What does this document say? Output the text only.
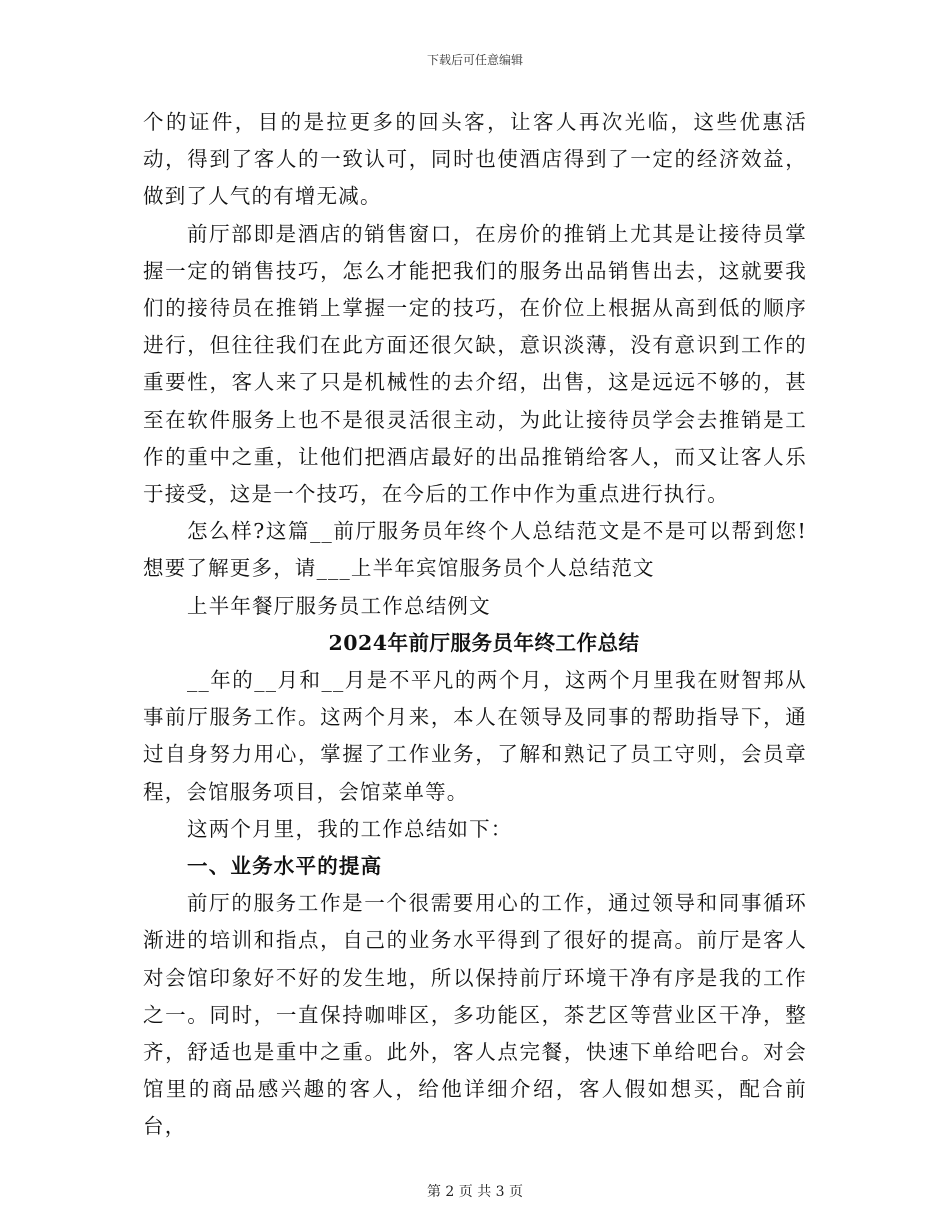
下载后可任意编辑

个的证件，目的是拉更多的回头客，让客人再次光临，这些优惠活动，得到了客人的一致认可，同时也使酒店得到了一定的经济效益，做到了人气的有增无减。

前厅部即是酒店的销售窗口，在房价的推销上尤其是让接待员掌握一定的销售技巧，怎么才能把我们的服务出品销售出去，这就要我们的接待员在推销上掌握一定的技巧，在价位上根据从高到低的顺序进行，但往往我们在此方面还很欠缺，意识淡薄，没有意识到工作的重要性，客人来了只是机械性的去介绍，出售，这是远远不够的，甚至在软件服务上也不是很灵活很主动，为此让接待员学会去推销是工作的重中之重，让他们把酒店最好的出品推销给客人，而又让客人乐于接受，这是一个技巧，在今后的工作中作为重点进行执行。

怎么样?这篇__前厅服务员年终个人总结范文是不是可以帮到您!想要了解更多，请___上半年宾馆服务员个人总结范文

上半年餐厅服务员工作总结例文

2024年前厅服务员年终工作总结

__年的__月和__月是不平凡的两个月，这两个月里我在财智邦从事前厅服务工作。这两个月来，本人在领导及同事的帮助指导下，通过自身努力用心，掌握了工作业务，了解和熟记了员工守则，会员章程，会馆服务项目，会馆菜单等。

这两个月里，我的工作总结如下：

一、业务水平的提高

前厅的服务工作是一个很需要用心的工作，通过领导和同事循环渐进的培训和指点，自己的业务水平得到了很好的提高。前厅是客人对会馆印象好不好的发生地，所以保持前厅环境干净有序是我的工作之一。同时，一直保持咖啡区，多功能区，茶艺区等营业区干净，整齐，舒适也是重中之重。此外，客人点完餐，快速下单给吧台。对会馆里的商品感兴趣的客人，给他详细介绍，客人假如想买，配合前台，

第 2 页 共 3 页
